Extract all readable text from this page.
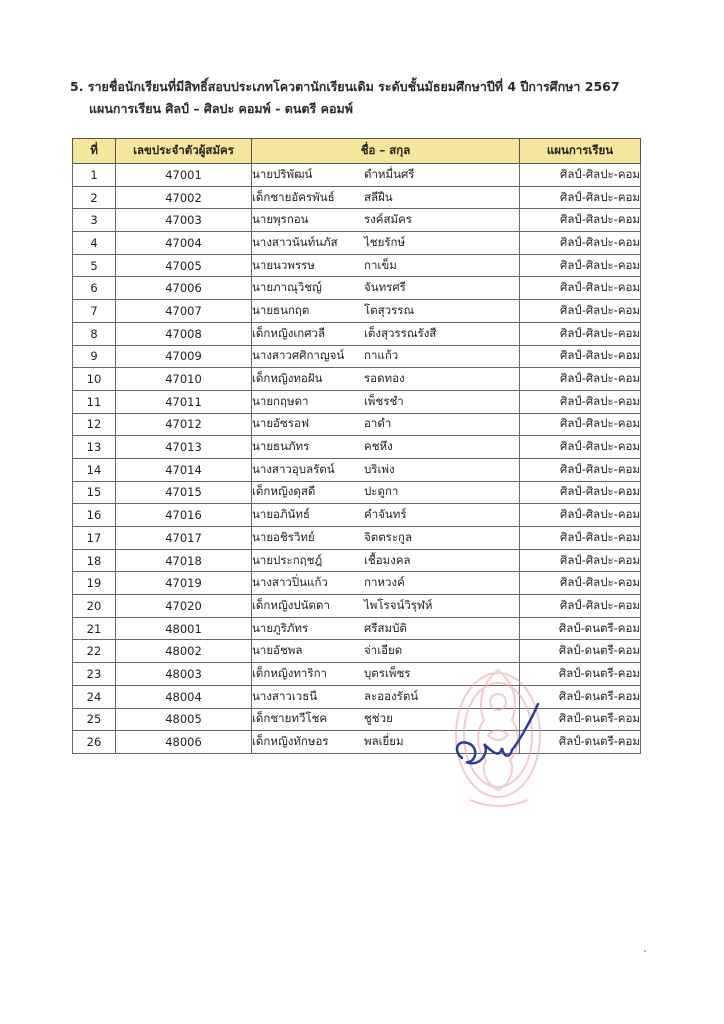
5. รายชื่อนักเรียนที่มีสิทธิ์สอบประเภทโควตานักเรียนเดิม ระดับชั้นมัธยมศึกษาปีที่ 4 ปีการศึกษา 2567
แผนการเรียน ศิลป์ – ศิลปะ คอมพ์ - ดนตรี คอมพ์
ที่	เลขประจำตัวผู้สมัคร	ชื่อ – สกุล	แผนการเรียน
1	47001	นายปริพัฒน์ ดำหมื่นศรี	ศิลป์-ศิลปะ-คอม
2	47002	เด็กชายอัครพันธ์ สลีฝืน	ศิลป์-ศิลปะ-คอม
3	47003	นายพุรกอน รงค์สมัคร	ศิลป์-ศิลปะ-คอม
4	47004	นางสาวนันท์นภัส ไชยรักษ์	ศิลป์-ศิลปะ-คอม
5	47005	นายนวพรรษ กาเข็ม	ศิลป์-ศิลปะ-คอม
6	47006	นายภาณุวิชญ์ จันทรศรี	ศิลป์-ศิลปะ-คอม
7	47007	นายธนกฤต โตสุวรรณ	ศิลป์-ศิลปะ-คอม
8	47008	เด็กหญิงเกศวลี เต็งสุวรรณรังสี	ศิลป์-ศิลปะ-คอม
9	47009	นางสาวศศิกาญจน์ กาแก้ว	ศิลป์-ศิลปะ-คอม
10	47010	เด็กหญิงทอฝัน รอดทอง	ศิลป์-ศิลปะ-คอม
11	47011	นายกฤษดา เพ็ชรชำ	ศิลป์-ศิลปะ-คอม
12	47012	นายอัซรอฟ อาดำ	ศิลป์-ศิลปะ-คอม
13	47013	นายธนภัทร คชหึง	ศิลป์-ศิลปะ-คอม
14	47014	นางสาวอุบลรัตน์ บริเพ่ง	ศิลป์-ศิลปะ-คอม
15	47015	เด็กหญิงดุสดี ปะดูกา	ศิลป์-ศิลปะ-คอม
16	47016	นายอภินัทธ์ คำจันทร์	ศิลป์-ศิลปะ-คอม
17	47017	นายอชิรวิทย์ จิตตระกูล	ศิลป์-ศิลปะ-คอม
18	47018	นายประกฤชฎ์ เชื้อมงคล	ศิลป์-ศิลปะ-คอม
19	47019	นางสาวปิ่นแก้ว กาหวงค์	ศิลป์-ศิลปะ-คอม
20	47020	เด็กหญิงปนัดดา ไพโรจน์วิรุฬห์	ศิลป์-ศิลปะ-คอม
21	48001	นายภูริภัทร ศรีสมบัติ	ศิลป์-ดนตรี-คอม
22	48002	นายอัชพล จ่าเอียด	ศิลป์-ดนตรี-คอม
23	48003	เด็กหญิงทาริกา บุตรเพ็ชร	ศิลป์-ดนตรี-คอม
24	48004	นางสาวเวธนี ละอองรัตน์	ศิลป์-ดนตรี-คอม
25	48005	เด็กชายทวีโชค ชูช่วย	ศิลป์-ดนตรี-คอม
26	48006	เด็กหญิงทักษอร พลเยี่ยม	ศิลป์-ดนตรี-คอม
